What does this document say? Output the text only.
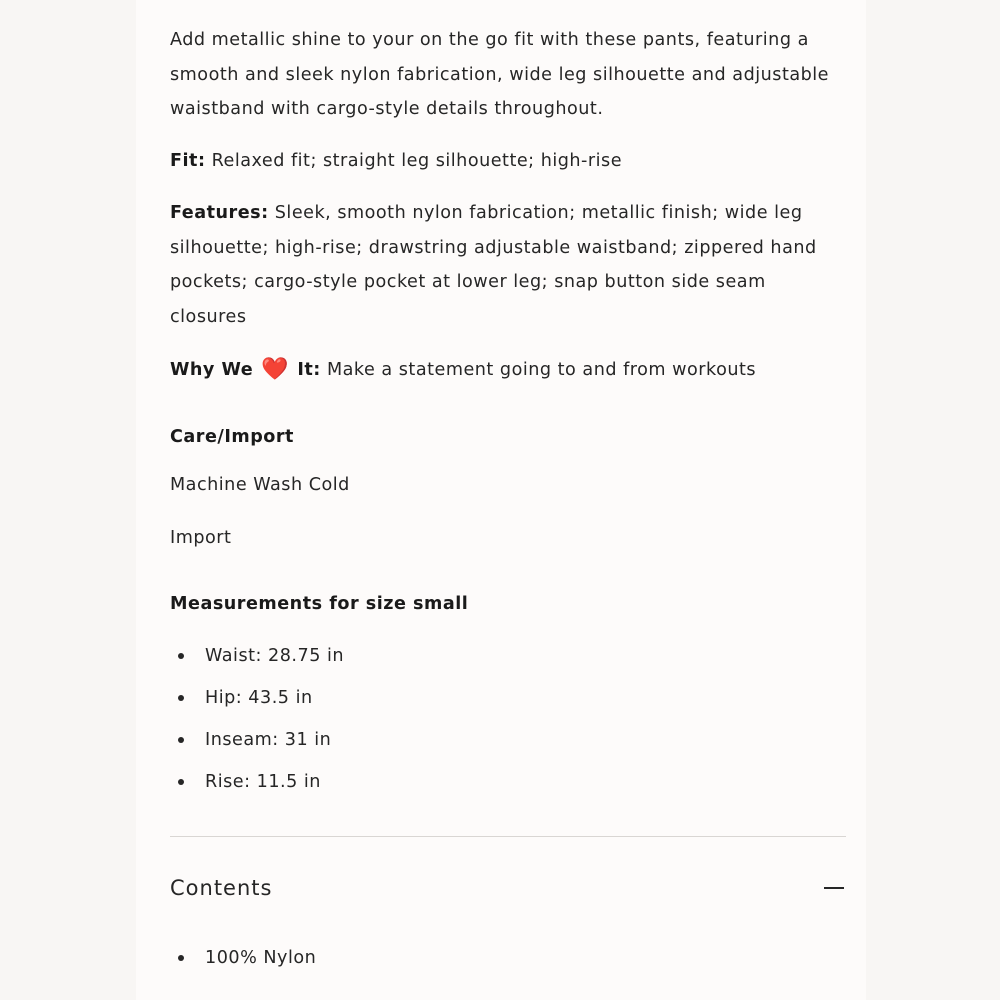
Add metallic shine to your on the go fit with these pants, featuring a smooth and sleek nylon fabrication, wide leg silhouette and adjustable waistband with cargo-style details throughout.

Fit: Relaxed fit; straight leg silhouette; high-rise

Features: Sleek, smooth nylon fabrication; metallic finish; wide leg silhouette; high-rise; drawstring adjustable waistband; zippered hand pockets; cargo-style pocket at lower leg; snap button side seam closures

Why We ❤️ It: Make a statement going to and from workouts

Care/Import

Machine Wash Cold

Import

Measurements for size small
Waist: 28.75 in
Hip: 43.5 in
Inseam: 31 in
Rise: 11.5 in
Contents
100% Nylon
